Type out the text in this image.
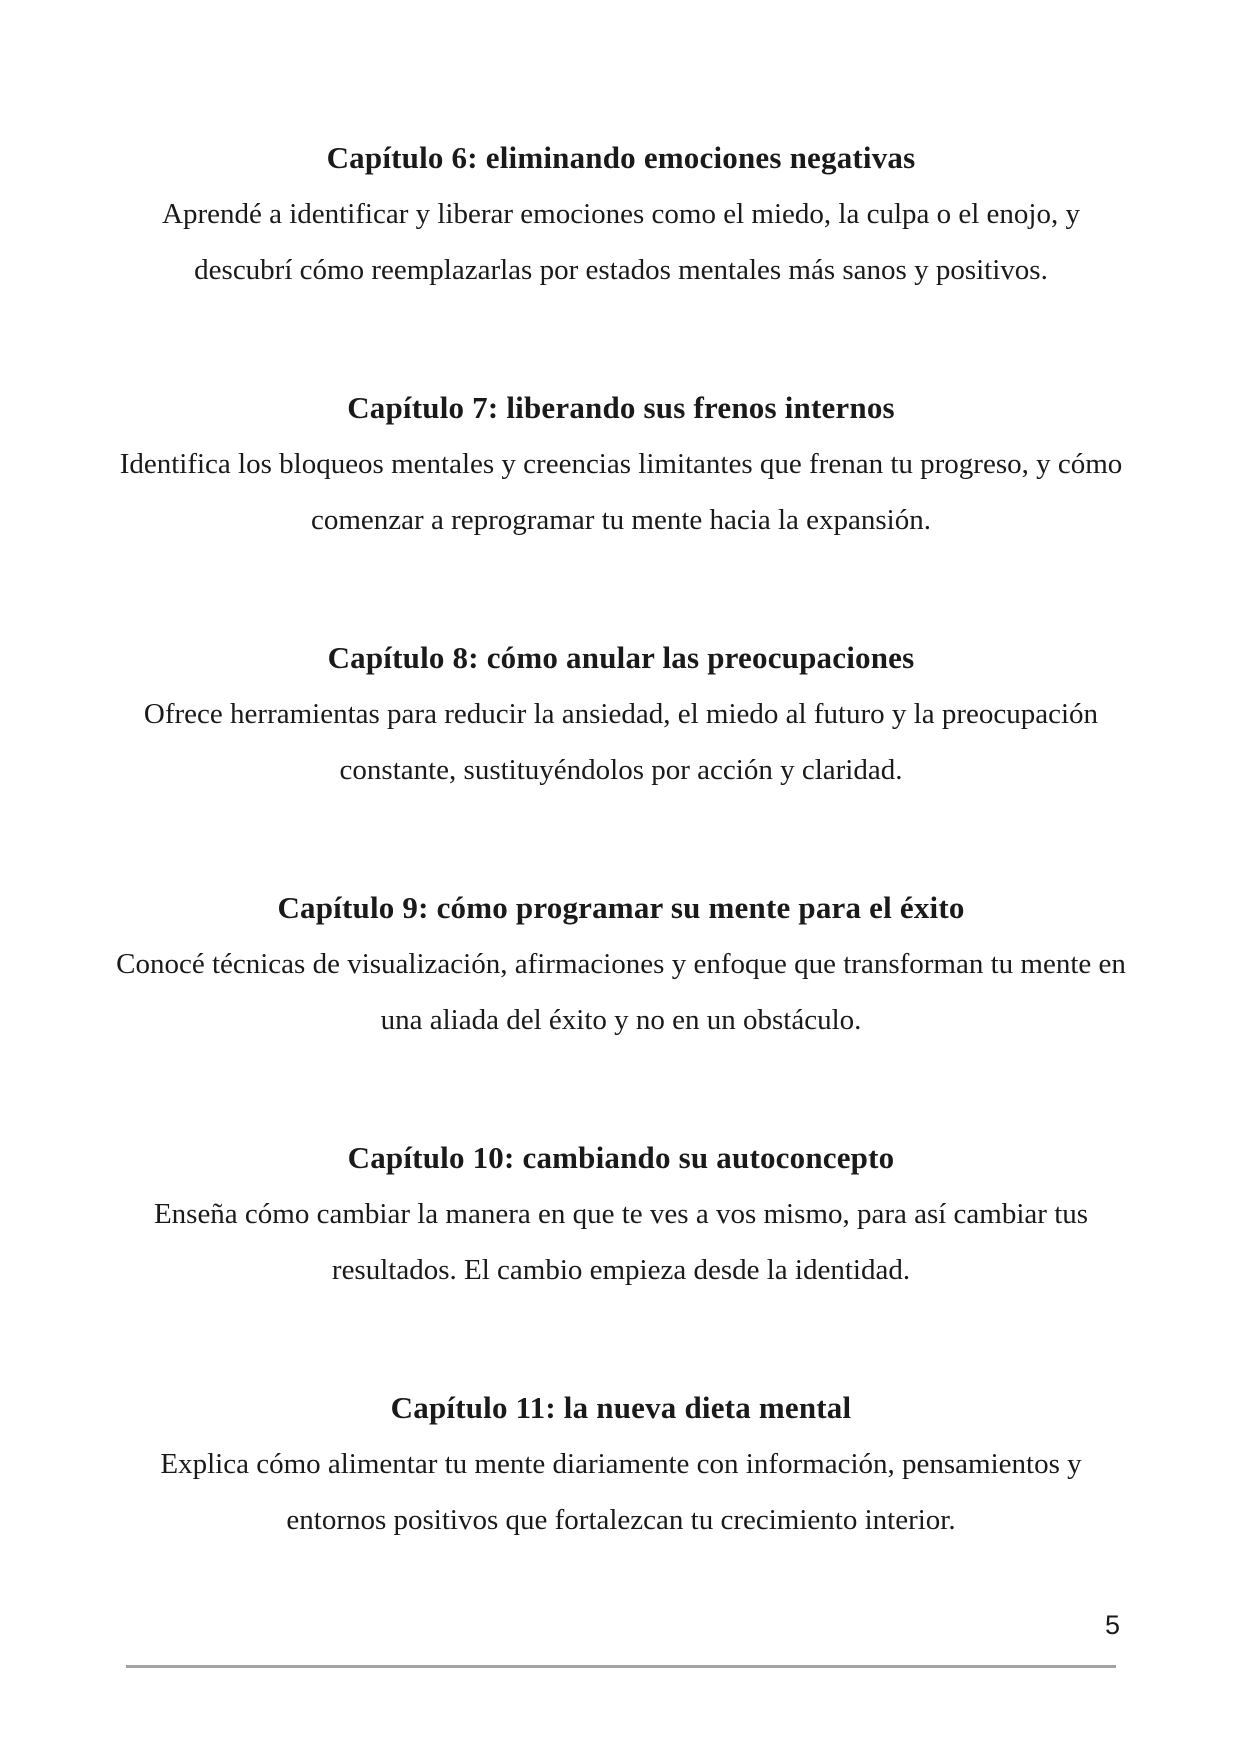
Capítulo 6: eliminando emociones negativas

Aprendé a identificar y liberar emociones como el miedo, la culpa o el enojo, y descubrí cómo reemplazarlas por estados mentales más sanos y positivos.

Capítulo 7: liberando sus frenos internos

Identifica los bloqueos mentales y creencias limitantes que frenan tu progreso, y cómo comenzar a reprogramar tu mente hacia la expansión.

Capítulo 8: cómo anular las preocupaciones

Ofrece herramientas para reducir la ansiedad, el miedo al futuro y la preocupación constante, sustituyéndolos por acción y claridad.

Capítulo 9: cómo programar su mente para el éxito

Conocé técnicas de visualización, afirmaciones y enfoque que transforman tu mente en una aliada del éxito y no en un obstáculo.

Capítulo 10: cambiando su autoconcepto

Enseña cómo cambiar la manera en que te ves a vos mismo, para así cambiar tus resultados. El cambio empieza desde la identidad.

Capítulo 11: la nueva dieta mental

Explica cómo alimentar tu mente diariamente con información, pensamientos y entornos positivos que fortalezcan tu crecimiento interior.

5
